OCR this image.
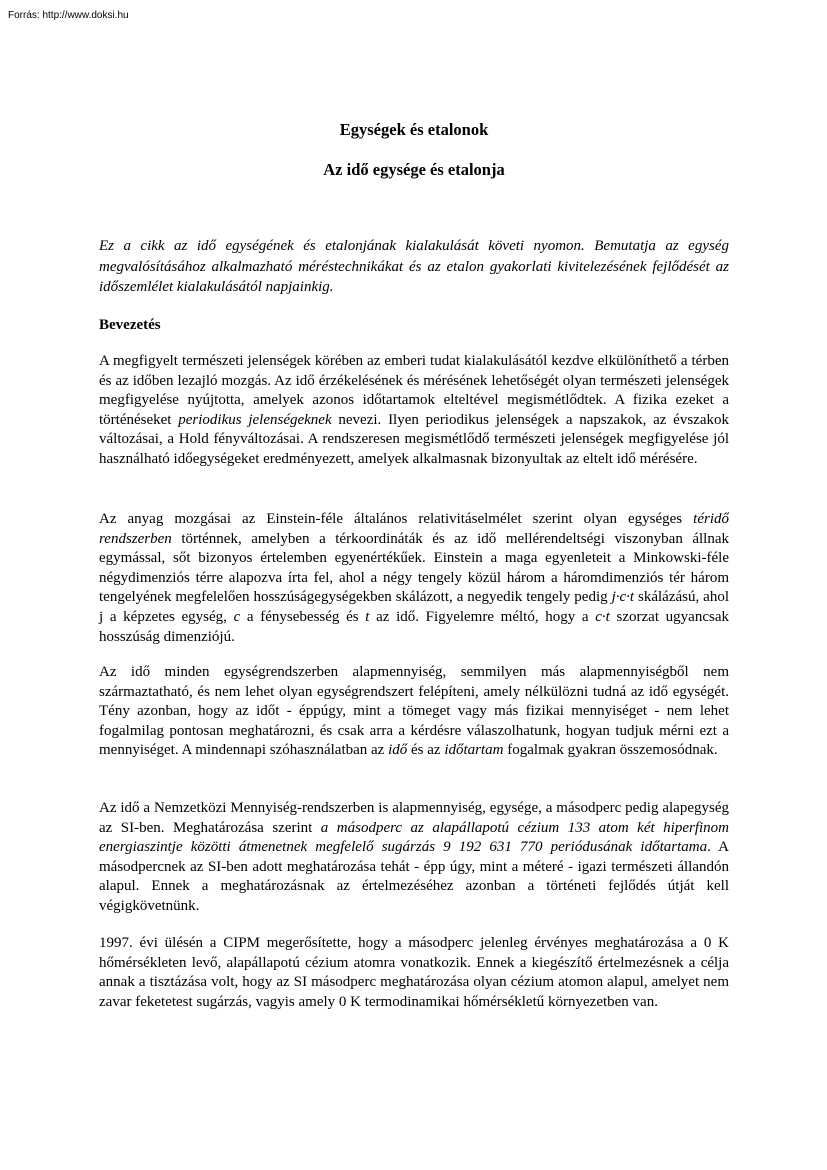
Forrás: http://www.doksi.hu
Egységek és etalonok
Az idő egysége és etalonja

Ez a cikk az idő egységének és etalonjának kialakulását követi nyomon. Bemutatja az egység megvalósításához alkalmazható méréstechnikákat és az etalon gyakorlati kivitelezésének fejlődését az időszemlélet kialakulásától napjainkig.

Bevezetés

A megfigyelt természeti jelenségek körében az emberi tudat kialakulásától kezdve elkülöníthető a térben és az időben lezajló mozgás. Az idő érzékelésének és mérésének lehetőségét olyan természeti jelenségek megfigyelése nyújtotta, amelyek azonos időtartamok elteltével megismétlődtek. A fizika ezeket a történéseket periodikus jelenségeknek nevezi. Ilyen periodikus jelenségek a napszakok, az évszakok változásai, a Hold fényváltozásai. A rendszeresen megismétlődő természeti jelenségek megfigyelése jól használható időegységeket eredményezett, amelyek alkalmasnak bizonyultak az eltelt idő mérésére.

Az anyag mozgásai az Einstein-féle általános relativitáselmélet szerint olyan egységes téridő rendszerben történnek, amelyben a térkoordináták és az idő mellérendeltségi viszonyban állnak egymással, sőt bizonyos értelemben egyenértékűek. Einstein a maga egyenleteit a Minkowski-féle négydimenziós térre alapozva írta fel, ahol a négy tengely közül három a háromdimenziós tér három tengelyének megfelelően hosszúságegységekben skálázott, a negyedik tengely pedig j·c·t skálázású, ahol j a képzetes egység, c a fénysebesség és t az idő. Figyelemre méltó, hogy a c·t szorzat ugyancsak hosszúság dimenziójú.

Az idő minden egységrendszerben alapmennyiség, semmilyen más alapmennyiségből nem származtatható, és nem lehet olyan egységrendszert felépíteni, amely nélkülözni tudná az idő egységét. Tény azonban, hogy az időt - éppúgy, mint a tömeget vagy más fizikai mennyiséget - nem lehet fogalmilag pontosan meghatározni, és csak arra a kérdésre válaszolhatunk, hogyan tudjuk mérni ezt a mennyiséget. A mindennapi szóhasználatban az idő és az időtartam fogalmak gyakran összemosódnak.

Az idő a Nemzetközi Mennyiség-rendszerben is alapmennyiség, egysége, a másodperc pedig alapegység az SI-ben. Meghatározása szerint a másodperc az alapállapotú cézium 133 atom két hiperfinom energiaszintje közötti átmenetnek megfelelő sugárzás 9 192 631 770 periódusának időtartama. A másodpercnek az SI-ben adott meghatározása tehát - épp úgy, mint a méteré - igazi természeti állandón alapul. Ennek a meghatározásnak az értelmezéséhez azonban a történeti fejlődés útját kell végigkövetnünk.

1997. évi ülésén a CIPM megerősítette, hogy a másodperc jelenleg érvényes meghatározása a 0 K hőmérsékleten levő, alapállapotú cézium atomra vonatkozik. Ennek a kiegészítő értelmezésnek a célja annak a tisztázása volt, hogy az SI másodperc meghatározása olyan cézium atomon alapul, amelyet nem zavar feketetest sugárzás, vagyis amely 0 K termodinamikai hőmérsékletű környezetben van.
